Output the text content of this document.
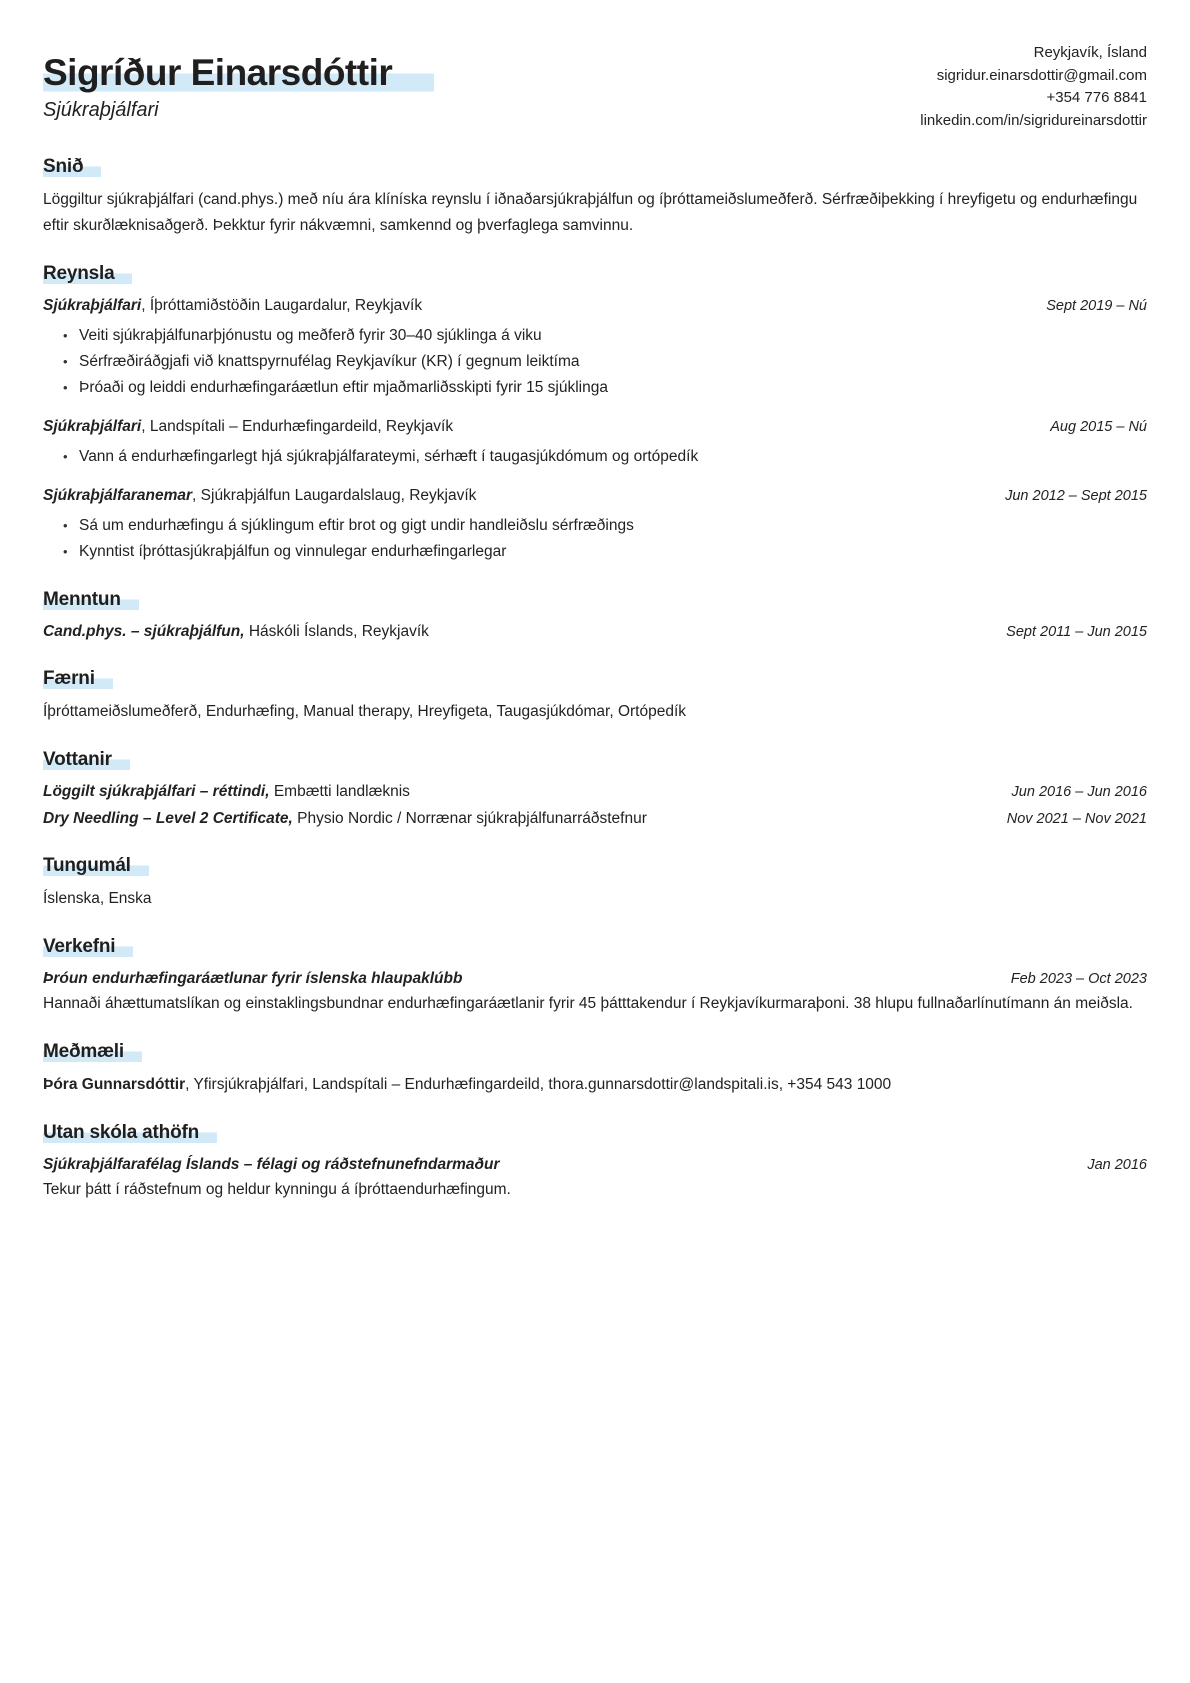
Sigríður Einarsdóttir
Sjúkraþjálfari
Reykjavík, Ísland
sigridur.einarsdottir@gmail.com
+354 776 8841
linkedin.com/in/sigridureinarsdottir
Snið

Löggiltur sjúkraþjálfari (cand.phys.) með níu ára klíníska reynslu í iðnaðarsjúkraþjálfun og íþróttameiðslumeðferð. Sérfræðiþekking í hreyfigetu og endurhæfingu eftir skurðlæknisaðgerð. Þekktur fyrir nákvæmni, samkennd og þverfaglega samvinnu.

Reynsla
Sjúkraþjálfari, Íþróttamiðstöðin Laugardalur, Reykjavík	Sept 2019 – Nú
• Veiti sjúkraþjálfunarþjónustu og meðferð fyrir 30–40 sjúklinga á viku
• Sérfræðiráðgjafi við knattspyrnufélag Reykjavíkur (KR) í gegnum leiktíma
• Þróaði og leiddi endurhæfingaráætlun eftir mjaðmarliðsskipti fyrir 15 sjúklinga
Sjúkraþjálfari, Landspítali – Endurhæfingardeild, Reykjavík	Aug 2015 – Nú
• Vann á endurhæfingarlegt hjá sjúkraþjálfarateymi, sérhæft í taugasjúkdómum og ortópedík
Sjúkraþjálfaranemar, Sjúkraþjálfun Laugardalslaug, Reykjavík	Jun 2012 – Sept 2015
• Sá um endurhæfingu á sjúklingum eftir brot og gigt undir handleiðslu sérfræðings
• Kynntist íþróttasjúkraþjálfun og vinnulegar endurhæfingarlegar
Menntun
Cand.phys. – sjúkraþjálfun, Háskóli Íslands, Reykjavík	Sept 2011 – Jun 2015
Færni

Íþróttameiðslumeðferð, Endurhæfing, Manual therapy, Hreyfigeta, Taugasjúkdómar, Ortópedík

Vottanir
Löggilt sjúkraþjálfari – réttindi, Embætti landlæknis	Jun 2016 – Jun 2016
Dry Needling – Level 2 Certificate, Physio Nordic / Norrænar sjúkraþjálfunarráðstefnur	Nov 2021 – Nov 2021
Tungumál

Íslenska, Enska

Verkefni
Þróun endurhæfingaráætlunar fyrir íslenska hlaupaklúbb	Feb 2023 – Oct 2023

Hannaði áhættumatslíkan og einstaklingsbundnar endurhæfingaráætlanir fyrir 45 þátttakendur í Reykjavíkurmaraþoni. 38 hlupu fullnaðarlínutímann án meiðsla.

Meðmæli

Þóra Gunnarsdóttir, Yfirsjúkraþjálfari, Landspítali – Endurhæfingardeild, thora.gunnarsdottir@landspitali.is, +354 543 1000

Utan skóla athöfn
Sjúkraþjálfarafélag Íslands – félagi og ráðstefnunefndarmaður	Jan 2016

Tekur þátt í ráðstefnum og heldur kynningu á íþróttaendurhæfingum.
